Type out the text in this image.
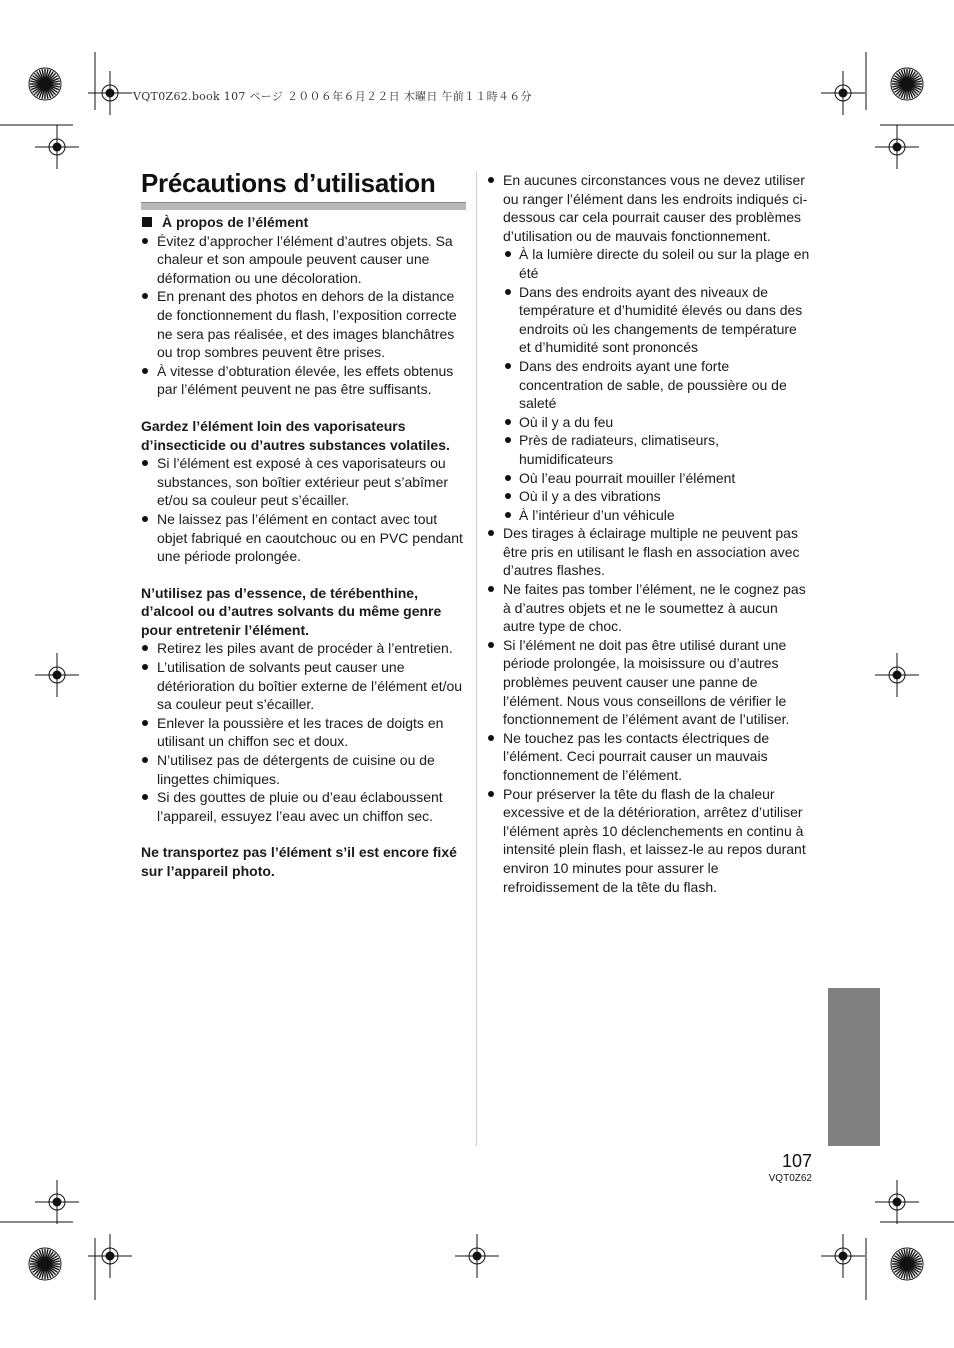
VQT0Z62.book 107 ページ ２００６年６月２２日 木曜日 午前１１時４６分
Précautions d’utilisation

À propos de l’élément

Évitez d’approcher l’élément d’autres objets. Sa chaleur et son ampoule peuvent causer une déformation ou une décoloration.
En prenant des photos en dehors de la distance de fonctionnement du flash, l’exposition correcte ne sera pas réalisée, et des images blanchâtres ou trop sombres peuvent être prises.
À vitesse d’obturation élevée, les effets obtenus par l’élément peuvent ne pas être suffisants.

Gardez l’élément loin des vaporisateurs d’insecticide ou d’autres substances volatiles.

Si l’élément est exposé à ces vaporisateurs ou substances, son boîtier extérieur peut s’abîmer et/ou sa couleur peut s’écailler.
Ne laissez pas l’élément en contact avec tout objet fabriqué en caoutchouc ou en PVC pendant une période prolongée.

N’utilisez pas d’essence, de térébenthine, d’alcool ou d’autres solvants du même genre pour entretenir l’élément.

Retirez les piles avant de procéder à l’entretien.
L’utilisation de solvants peut causer une détérioration du boîtier externe de l’élément et/ou sa couleur peut s’écailler.
Enlever la poussière et les traces de doigts en utilisant un chiffon sec et doux.
N’utilisez pas de détergents de cuisine ou de lingettes chimiques.
Si des gouttes de pluie ou d’eau éclaboussent l’appareil, essuyez l’eau avec un chiffon sec.

Ne transportez pas l’élément s’il est encore fixé sur l’appareil photo.

En aucunes circonstances vous ne devez utiliser ou ranger l’élément dans les endroits indiqués ci-dessous car cela pourrait causer des problèmes d’utilisation ou de mauvais fonctionnement.
À la lumière directe du soleil ou sur la plage en été
Dans des endroits ayant des niveaux de température et d’humidité élevés ou dans des endroits où les changements de température et d’humidité sont prononcés
Dans des endroits ayant une forte concentration de sable, de poussière ou de saleté
Où il y a du feu
Près de radiateurs, climatiseurs, humidificateurs
Où l’eau pourrait mouiller l’élément
Où il y a des vibrations
À l’intérieur d’un véhicule
Des tirages à éclairage multiple ne peuvent pas être pris en utilisant le flash en association avec d’autres flashes.
Ne faites pas tomber l’élément, ne le cognez pas à d’autres objets et ne le soumettez à aucun autre type de choc.
Si l’élément ne doit pas être utilisé durant une période prolongée, la moisissure ou d’autres problèmes peuvent causer une panne de l’élément. Nous vous conseillons de vérifier le fonctionnement de l’élément avant de l’utiliser.
Ne touchez pas les contacts électriques de l’élément. Ceci pourrait causer un mauvais fonctionnement de l’élément.
Pour préserver la tête du flash de la chaleur excessive et de la détérioration, arrêtez d’utiliser l’élément après 10 déclenchements en continu à intensité plein flash, et laissez-le au repos durant environ 10 minutes pour assurer le refroidissement de la tête du flash.
107
VQT0Z62
